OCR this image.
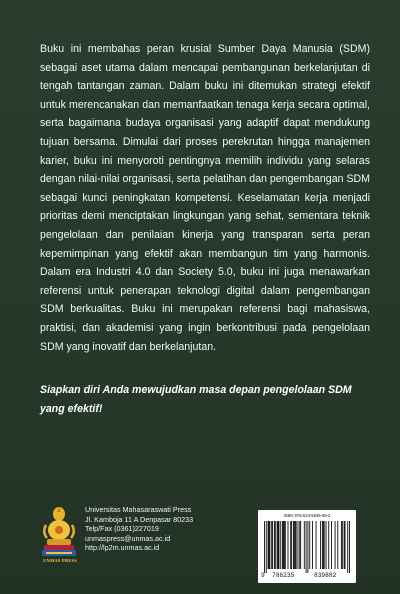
Buku ini membahas peran krusial Sumber Daya Manusia (SDM) sebagai aset utama dalam mencapai pembangunan berkelanjutan di tengah tantangan zaman. Dalam buku ini ditemukan strategi efektif untuk merencanakan dan memanfaatkan tenaga kerja secara optimal, serta bagaimana budaya organisasi yang adaptif dapat mendukung tujuan bersama. Dimulai dari proses perekrutan hingga manajemen karier, buku ini menyoroti pentingnya memilih individu yang selaras dengan nilai-nilai organisasi, serta pelatihan dan pengembangan SDM sebagai kunci peningkatan kompetensi. Keselamatan kerja menjadi prioritas demi menciptakan lingkungan yang sehat, sementara teknik pengelolaan dan penilaian kinerja yang transparan serta peran kepemimpinan yang efektif akan membangun tim yang harmonis. Dalam era Industri 4.0 dan Society 5.0, buku ini juga menawarkan referensi untuk penerapan teknologi digital dalam pengembangan SDM berkualitas. Buku ini merupakan referensi bagi mahasiswa, praktisi, dan akademisi yang ingin berkontribusi pada pengelolaan SDM yang inovatif dan berkelanjutan.

Siapkan diri Anda mewujudkan masa depan pengelolaan SDM yang efektif!

UNMAS PRESS
Universitas Mahasaraswati Press
Jl. Kamboja 11 A Denpasar 80233
Telp/Fax (0361)227019
unmaspress@unmas.ac.id
http://lp2m.unmas.ac.id
ISBN 978-623-5836-88-2
9 786235	839882
